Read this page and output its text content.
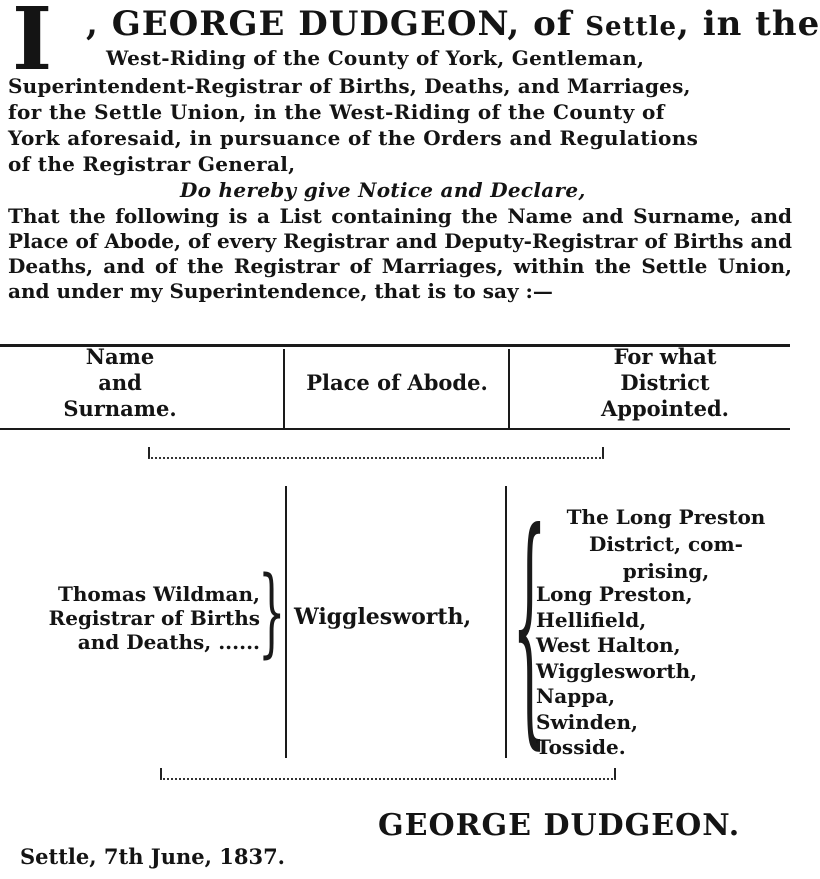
I , GEORGE DUDGEON, of Settle, in the
West-Riding of the County of York, Gentleman,
Superintendent-Registrar of Births, Deaths, and Marriages,
for the Settle Union, in the West-Riding of the County of
York aforesaid, in pursuance of the Orders and Regulations
of the Registrar General,
Do hereby give Notice and Declare,
That the following is a List containing the Name and Surname, and Place of Abode, of every Registrar and Deputy-Registrar of Births and Deaths, and of the Registrar of Marriages, within the Settle Union, and under my Superintendence, that is to say :—
Name
and
Surname.
Place of Abode.
For what
District
Appointed.
Thomas Wildman,
Registrar of Births
and Deaths, ......
} Wigglesworth, { The Long Preston
District, com-
prising,
Long Preston,
Hellifield,
West Halton,
Wigglesworth,
Nappa,
Swinden,
Tosside.
GEORGE DUDGEON.
Settle, 7th June, 1837.
